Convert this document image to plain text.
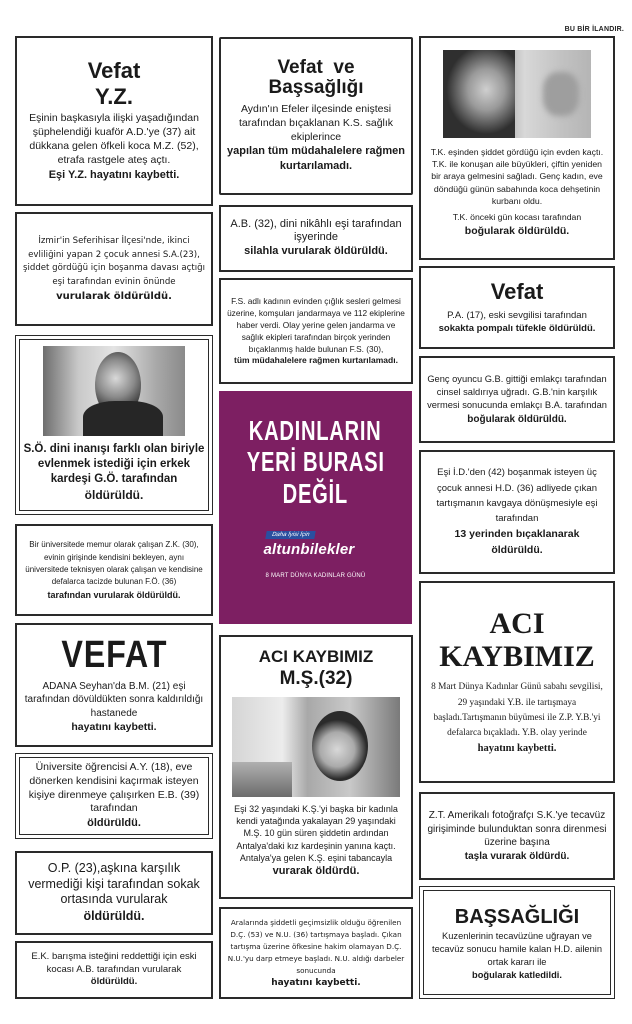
BU BİR İLANDIR.
Vefat
Y.Z.
Eşinin başkasıyla ilişki yaşadığından şüphelendiği kuaför A.D.'ye (37) ait dükkana gelen öfkeli koca M.Z. (52), etrafa rastgele ateş açtı.
Eşi Y.Z. hayatını kaybetti.
İzmir'in Seferihisar İlçesi'nde, ikinci evliliğini yapan 2 çocuk annesi S.A.(23), şiddet gördüğü için boşanma davası açtığı eşi tarafından evinin önünde
vurularak öldürüldü.
S.Ö. dini inanışı farklı olan biriyle evlenmek istediği için erkek kardeşi G.Ö. tarafından
öldürüldü.
Bir üniversitede memur olarak çalışan Z.K. (30), evinin girişinde kendisini bekleyen, aynı üniversitede teknisyen olarak çalışan ve kendisine defalarca tacizde bulunan F.Ö. (36)
tarafından vurularak öldürüldü.
VEFAT
ADANA Seyhan'da B.M. (21) eşi tarafından dövüldükten sonra kaldırıldığı hastanede
hayatını kaybetti.
Üniversite öğrencisi A.Y. (18), eve dönerken kendisini kaçırmak isteyen kişiye direnmeye çalışırken E.B. (39) tarafından
öldürüldü.
O.P. (23),aşkına karşılık vermediği kişi tarafından sokak ortasında vurularak
öldürüldü.
E.K. barışma isteğini reddettiği için eski kocası A.B. tarafından vurularak
öldürüldü.
Vefat  ve
Başsağlığı
Aydın'ın Efeler ilçesinde eniştesi tarafından bıçaklanan K.S. sağlık ekiplerince
yapılan tüm müdahalelere rağmen kurtarılamadı.
A.B. (32), dini nikâhlı eşi tarafından işyerinde
silahla vurularak öldürüldü.
F.S. adlı kadının evinden çığlık sesleri gelmesi üzerine, komşuları jandarmaya ve 112 ekiplerine haber verdi. Olay yerine gelen jandarma ve sağlık ekipleri tarafından birçok yerinden bıçaklanmış halde bulunan F.S. (30),
tüm müdahalelere rağmen kurtarılamadı.
KADINLARIN
YERİ BURASI
DEĞİL
Daha İyisi İçin
altunbilekler
8 MART DÜNYA KADINLAR GÜNÜ
ACI KAYBIMIZ
M.Ş.(32)
Eşi 32 yaşındaki K.Ş.'yi başka bir kadınla kendi yatağında yakalayan 29 yaşındaki M.Ş. 10 gün süren şiddetin ardından Antalya'daki kız kardeşinin yanına kaçtı. Antalya'ya gelen K.Ş. eşini tabancayla
vurarak öldürdü.
Aralarında şiddetli geçimsizlik olduğu öğrenilen D.Ç. (53) ve N.U. (36) tartışmaya başladı. Çıkan tartışma üzerine öfkesine hakim olamayan D.Ç. N.U.'yu darp etmeye başladı. N.U. aldığı darbeler sonucunda
hayatını kaybetti.
T.K. eşinden şiddet gördüğü için evden kaçtı. T.K. ile konuşan aile büyükleri, çiftin yeniden bir araya gelmesini sağladı. Genç kadın, eve döndüğü günün sabahında koca dehşetinin kurbanı oldu.
T.K. önceki gün kocası tarafından
boğularak öldürüldü.
Vefat
P.A. (17), eski sevgilisi tarafından
sokakta pompalı tüfekle öldürüldü.
Genç oyuncu G.B. gittiği emlakçı tarafından cinsel saldırıya uğradı. G.B.'nin karşılık vermesi sonucunda emlakçı B.A. tarafından
boğularak öldürüldü.
Eşi İ.D.'den (42) boşanmak isteyen üç çocuk annesi H.D. (36) adliyede çıkan tartışmanın kavgaya dönüşmesiyle eşi tarafından
13 yerinden bıçaklanarak öldürüldü.
ACI
KAYBIMIZ
8 Mart Dünya Kadınlar Günü sabahı sevgilisi, 29 yaşındaki Y.B. ile tartışmaya başladı.Tartışmanın büyümesi ile Z.P. Y.B.'yi defalarca bıçakladı. Y.B. olay yerinde
hayatını kaybetti.
Z.T. Amerikalı fotoğrafçı S.K.'ye tecavüz girişiminde bulunduktan sonra direnmesi üzerine başına
taşla vurarak öldürdü.
BAŞSAĞLIĞI
Kuzenlerinin tecavüzüne uğrayan ve tecavüz sonucu hamile kalan H.D. ailenin ortak kararı ile
boğularak katledildi.
